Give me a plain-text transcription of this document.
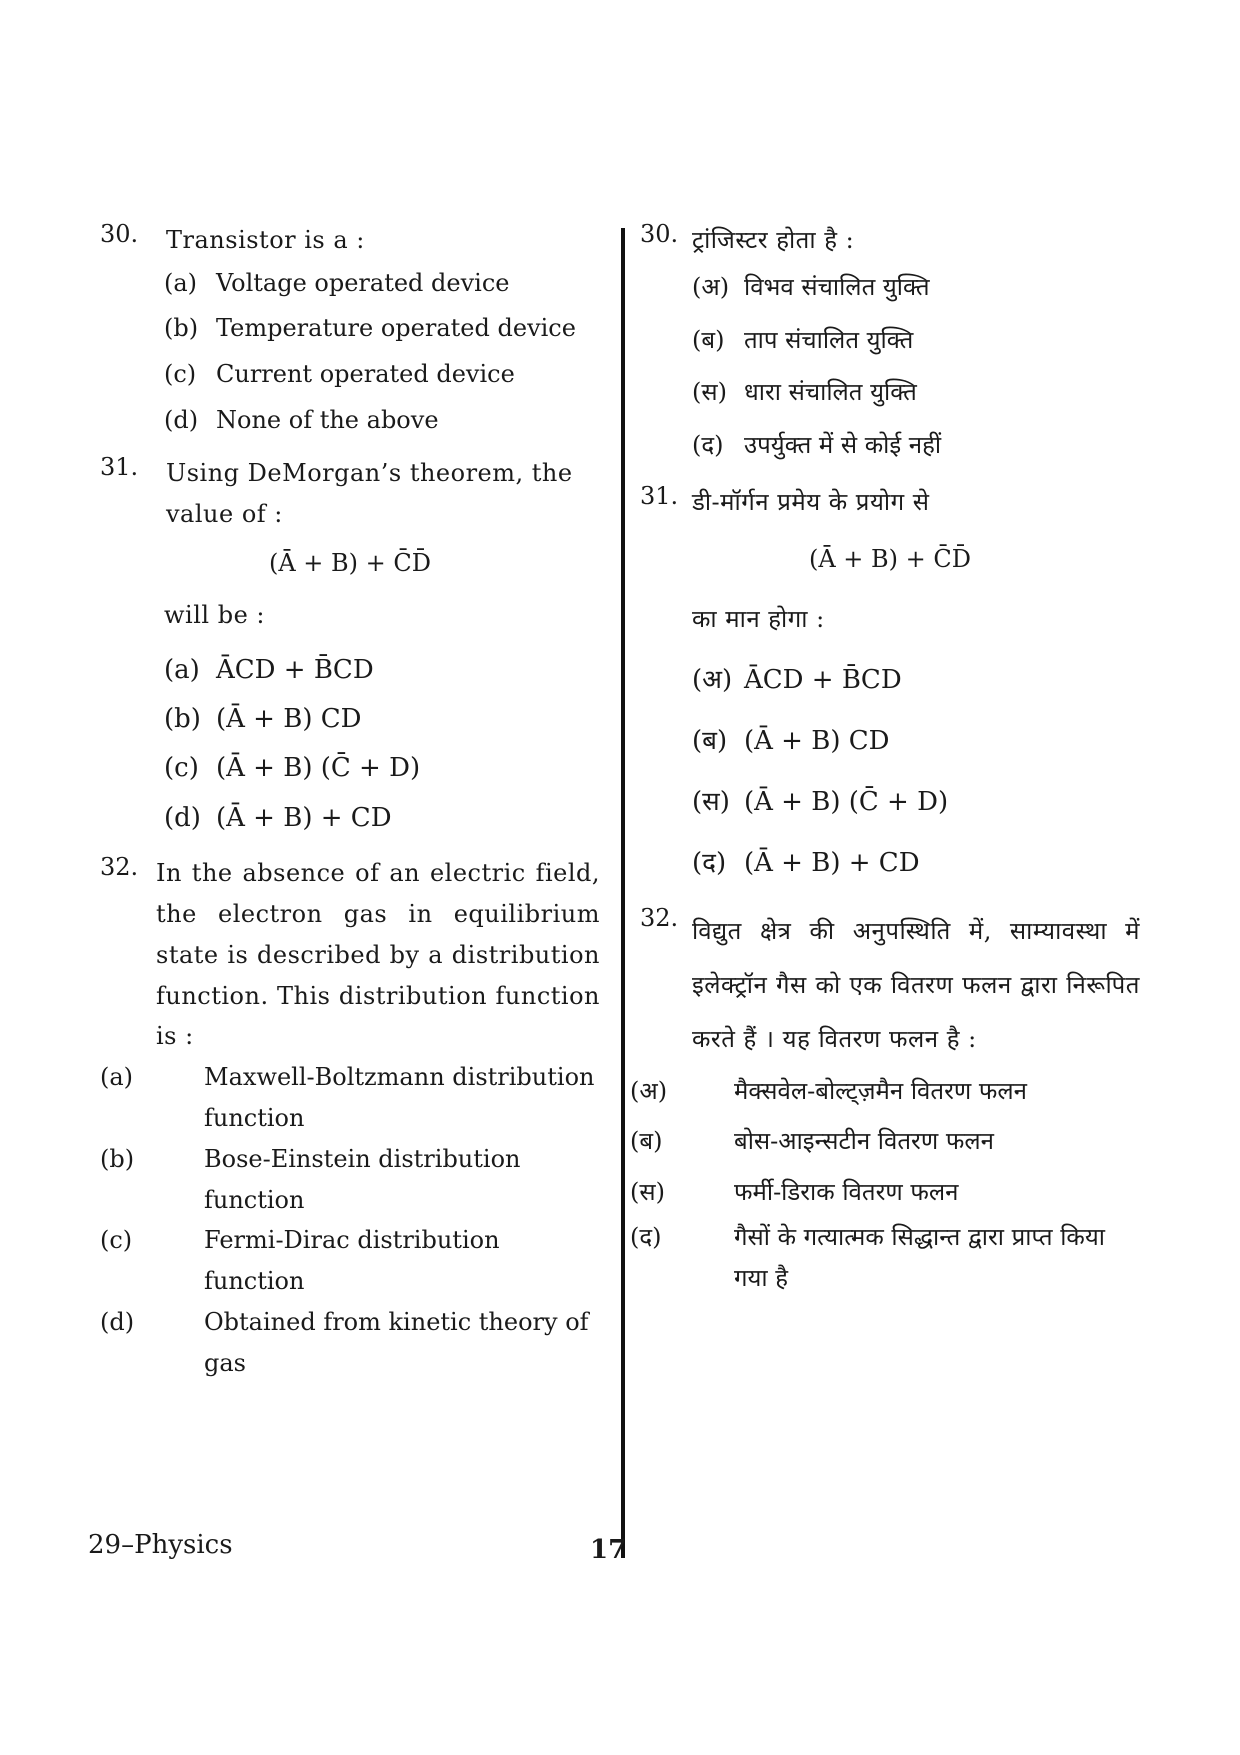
30. Transistor is a :
(a) Voltage operated device
(b) Temperature operated device
(c) Current operated device
(d) None of the above
31. Using DeMorgan’s theorem, the value of :
(Ā + B) + C̄D̄
will be :
(a) ĀCD + B̄CD
(b) (Ā + B) CD
(c) (Ā + B) (C̄ + D)
(d) (Ā + B) + CD
32. In the absence of an electric field, the electron gas in equilibrium state is described by a distribution function. This distribution function is :
(a)	Maxwell-Boltzmann distribution function
(b)	Bose-Einstein distribution function
(c)	Fermi-Dirac distribution function
(d)	Obtained from kinetic theory of gas
30. ट्रांजिस्टर होता है :
(अ) विभव संचालित युक्ति
(ब) ताप संचालित युक्ति
(स) धारा संचालित युक्ति
(द) उपर्युक्त में से कोई नहीं
31. डी-मॉर्गन प्रमेय के प्रयोग से
(Ā + B) + C̄D̄
का मान होगा :
(अ) ĀCD + B̄CD
(ब) (Ā + B) CD
(स) (Ā + B) (C̄ + D)
(द) (Ā + B) + CD
32. विद्युत क्षेत्र की अनुपस्थिति में, साम्यावस्था में इलेक्ट्रॉन गैस को एक वितरण फलन द्वारा निरूपित करते हैं । यह वितरण फलन है :
(अ)	मैक्सवेल-बोल्ट्ज़मैन वितरण फलन
(ब)	बोस-आइन्सटीन वितरण फलन
(स)	फर्मी-डिराक वितरण फलन
(द)	गैसों के गत्यात्मक सिद्धान्त द्वारा प्राप्त किया गया है
29–Physics	17
